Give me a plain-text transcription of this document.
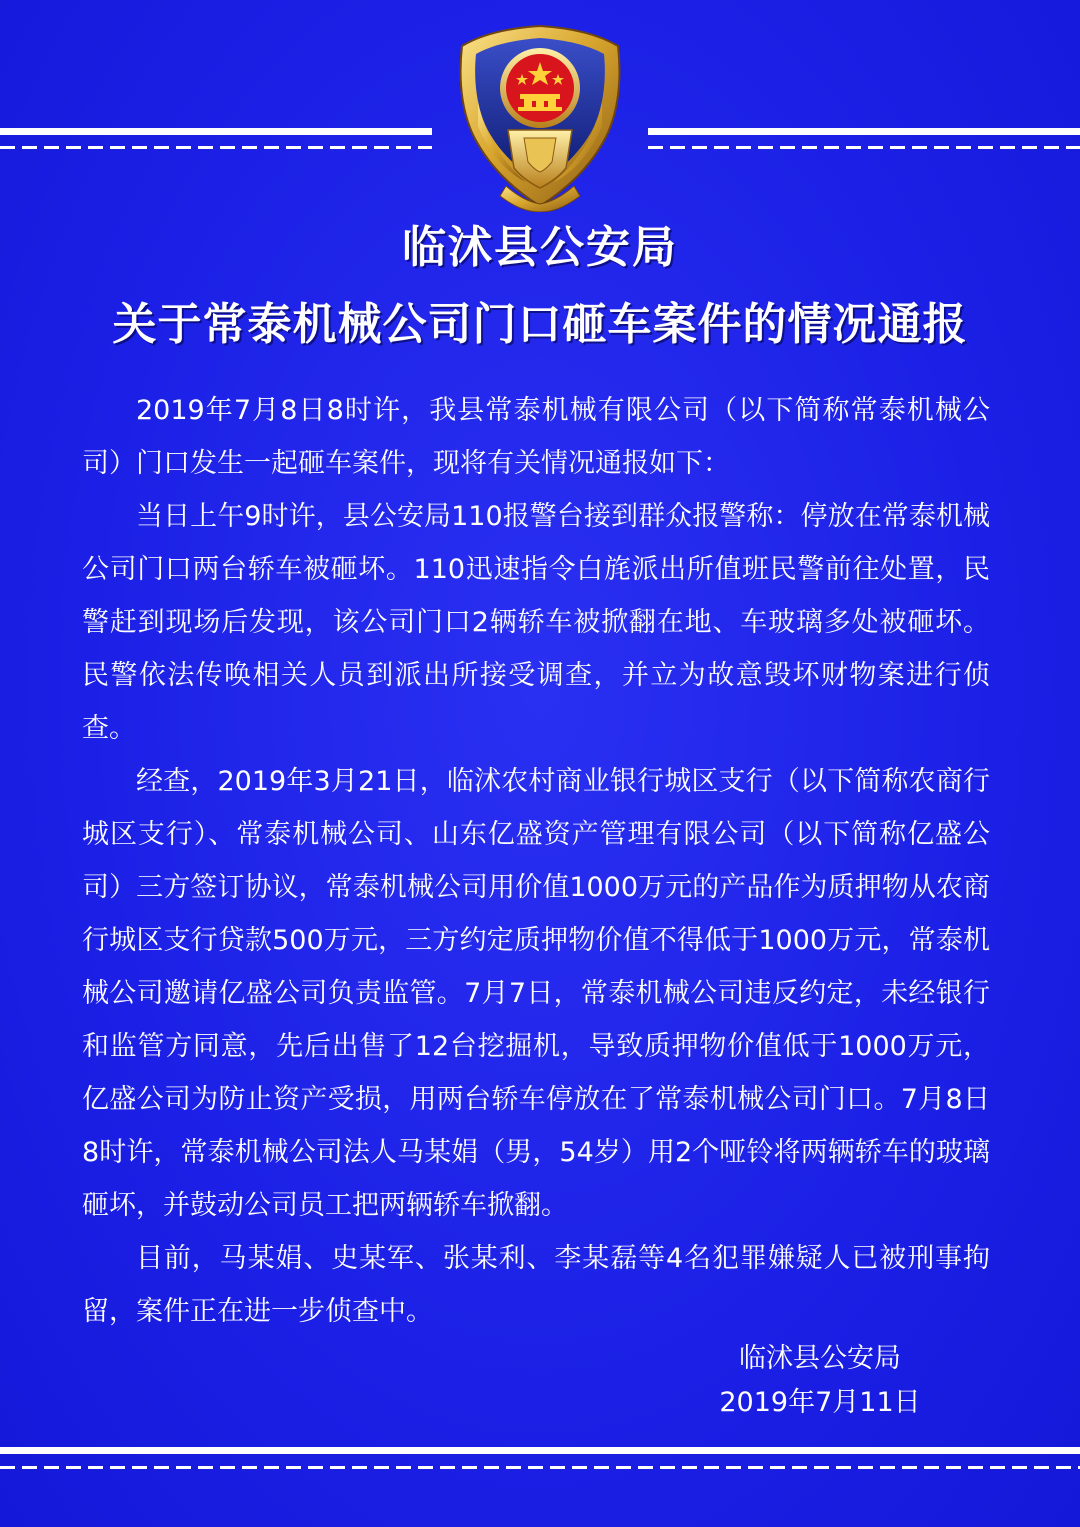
临沭县公安局
关于常泰机械公司门口砸车案件的情况通报

2019年7月8日8时许，我县常泰机械有限公司（以下简称常泰机械公司）门口发生一起砸车案件，现将有关情况通报如下：

当日上午9时许，县公安局110报警台接到群众报警称：停放在常泰机械公司门口两台轿车被砸坏。110迅速指令白旄派出所值班民警前往处置，民警赶到现场后发现，该公司门口2辆轿车被掀翻在地、车玻璃多处被砸坏。民警依法传唤相关人员到派出所接受调查，并立为故意毁坏财物案进行侦查。

经查，2019年3月21日，临沭农村商业银行城区支行（以下简称农商行城区支行）、常泰机械公司、山东亿盛资产管理有限公司（以下简称亿盛公司）三方签订协议，常泰机械公司用价值1000万元的产品作为质押物从农商行城区支行贷款500万元，三方约定质押物价值不得低于1000万元，常泰机械公司邀请亿盛公司负责监管。7月7日，常泰机械公司违反约定，未经银行和监管方同意，先后出售了12台挖掘机，导致质押物价值低于1000万元，亿盛公司为防止资产受损，用两台轿车停放在了常泰机械公司门口。7月8日8时许，常泰机械公司法人马某娟（男，54岁）用2个哑铃将两辆轿车的玻璃砸坏，并鼓动公司员工把两辆轿车掀翻。

目前，马某娟、史某军、张某利、李某磊等4名犯罪嫌疑人已被刑事拘留，案件正在进一步侦查中。

临沭县公安局
2019年7月11日
